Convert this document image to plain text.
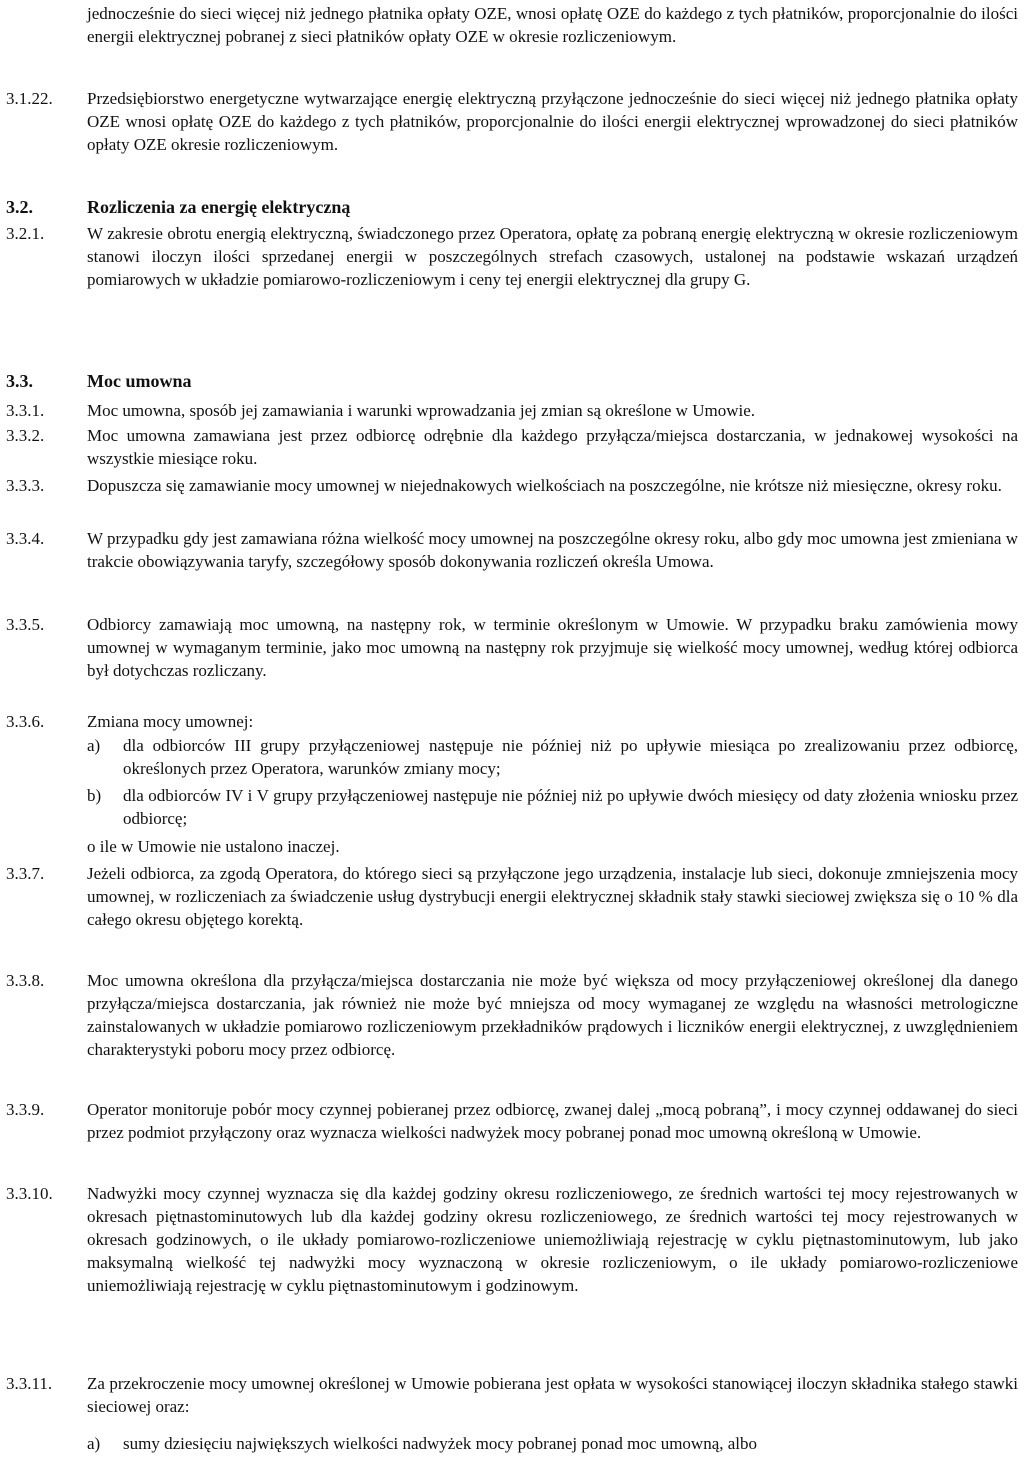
jednocześnie do sieci więcej niż jednego płatnika opłaty OZE, wnosi opłatę OZE do każdego z tych płatników, proporcjonalnie do ilości energii elektrycznej pobranej z sieci płatników opłaty OZE w okresie rozliczeniowym.
3.1.22. Przedsiębiorstwo energetyczne wytwarzające energię elektryczną przyłączone jednocześnie do sieci więcej niż jednego płatnika opłaty OZE wnosi opłatę OZE do każdego z tych płatników, proporcjonalnie do ilości energii elektrycznej wprowadzonej do sieci płatników opłaty OZE okresie rozliczeniowym.
3.2.	Rozliczenia za energię elektryczną
3.2.1.	W zakresie obrotu energią elektryczną, świadczonego przez Operatora, opłatę za pobraną energię elektryczną w okresie rozliczeniowym stanowi iloczyn ilości sprzedanej energii w poszczególnych strefach czasowych, ustalonej na podstawie wskazań urządzeń pomiarowych w układzie pomiarowo-rozliczeniowym i ceny tej energii elektrycznej dla grupy G.
3.3.	Moc umowna
3.3.1.	Moc umowna, sposób jej zamawiania i warunki wprowadzania jej zmian są określone w Umowie.
3.3.2.	Moc umowna zamawiana jest przez odbiorcę odrębnie dla każdego przyłącza/miejsca dostarczania, w jednakowej wysokości na wszystkie miesiące roku.
3.3.3.	Dopuszcza się zamawianie mocy umownej w niejednakowych wielkościach na poszczególne, nie krótsze niż miesięczne, okresy roku.
3.3.4.	W przypadku gdy jest zamawiana różna wielkość mocy umownej na poszczególne okresy roku, albo gdy moc umowna jest zmieniana w trakcie obowiązywania taryfy, szczegółowy sposób dokonywania rozliczeń określa Umowa.
3.3.5.	Odbiorcy zamawiają moc umowną, na następny rok, w terminie określonym w Umowie. W przypadku braku zamówienia mowy umownej w wymaganym terminie, jako moc umowną na następny rok przyjmuje się wielkość mocy umownej, według której odbiorca był dotychczas rozliczany.
3.3.6.	Zmiana mocy umownej:
a) dla odbiorców III grupy przyłączeniowej następuje nie później niż po upływie miesiąca po zrealizowaniu przez odbiorcę, określonych przez Operatora, warunków zmiany mocy;
b) dla odbiorców IV i V grupy przyłączeniowej następuje nie później niż po upływie dwóch miesięcy od daty złożenia wniosku przez odbiorcę;
o ile w Umowie nie ustalono inaczej.
3.3.7.	Jeżeli odbiorca, za zgodą Operatora, do którego sieci są przyłączone jego urządzenia, instalacje lub sieci, dokonuje zmniejszenia mocy umownej, w rozliczeniach za świadczenie usług dystrybucji energii elektrycznej składnik stały stawki sieciowej zwiększa się o 10 % dla całego okresu objętego korektą.
3.3.8.	Moc umowna określona dla przyłącza/miejsca dostarczania nie może być większa od mocy przyłączeniowej określonej dla danego przyłącza/miejsca dostarczania, jak również nie może być mniejsza od mocy wymaganej ze względu na własności metrologiczne zainstalowanych w układzie pomiarowo rozliczeniowym przekładników prądowych i liczników energii elektrycznej, z uwzględnieniem charakterystyki poboru mocy przez odbiorcę.
3.3.9.	Operator monitoruje pobór mocy czynnej pobieranej przez odbiorcę, zwanej dalej „mocą pobraną”, i mocy czynnej oddawanej do sieci przez podmiot przyłączony oraz wyznacza wielkości nadwyżek mocy pobranej ponad moc umowną określoną w Umowie.
3.3.10. Nadwyżki mocy czynnej wyznacza się dla każdej godziny okresu rozliczeniowego, ze średnich wartości tej mocy rejestrowanych w okresach piętnastominutowych lub dla każdej godziny okresu rozliczeniowego, ze średnich wartości tej mocy rejestrowanych w okresach godzinowych, o ile układy pomiarowo-rozliczeniowe uniemożliwiają rejestrację w cyklu piętnastominutowym, lub jako maksymalną wielkość tej nadwyżki mocy wyznaczoną w okresie rozliczeniowym, o ile układy pomiarowo-rozliczeniowe uniemożliwiają rejestrację w cyklu piętnastominutowym i godzinowym.
3.3.11. Za przekroczenie mocy umownej określonej w Umowie pobierana jest opłata w wysokości stanowiącej iloczyn składnika stałego stawki sieciowej oraz:
a) sumy dziesięciu największych wielkości nadwyżek mocy pobranej ponad moc umowną, albo
